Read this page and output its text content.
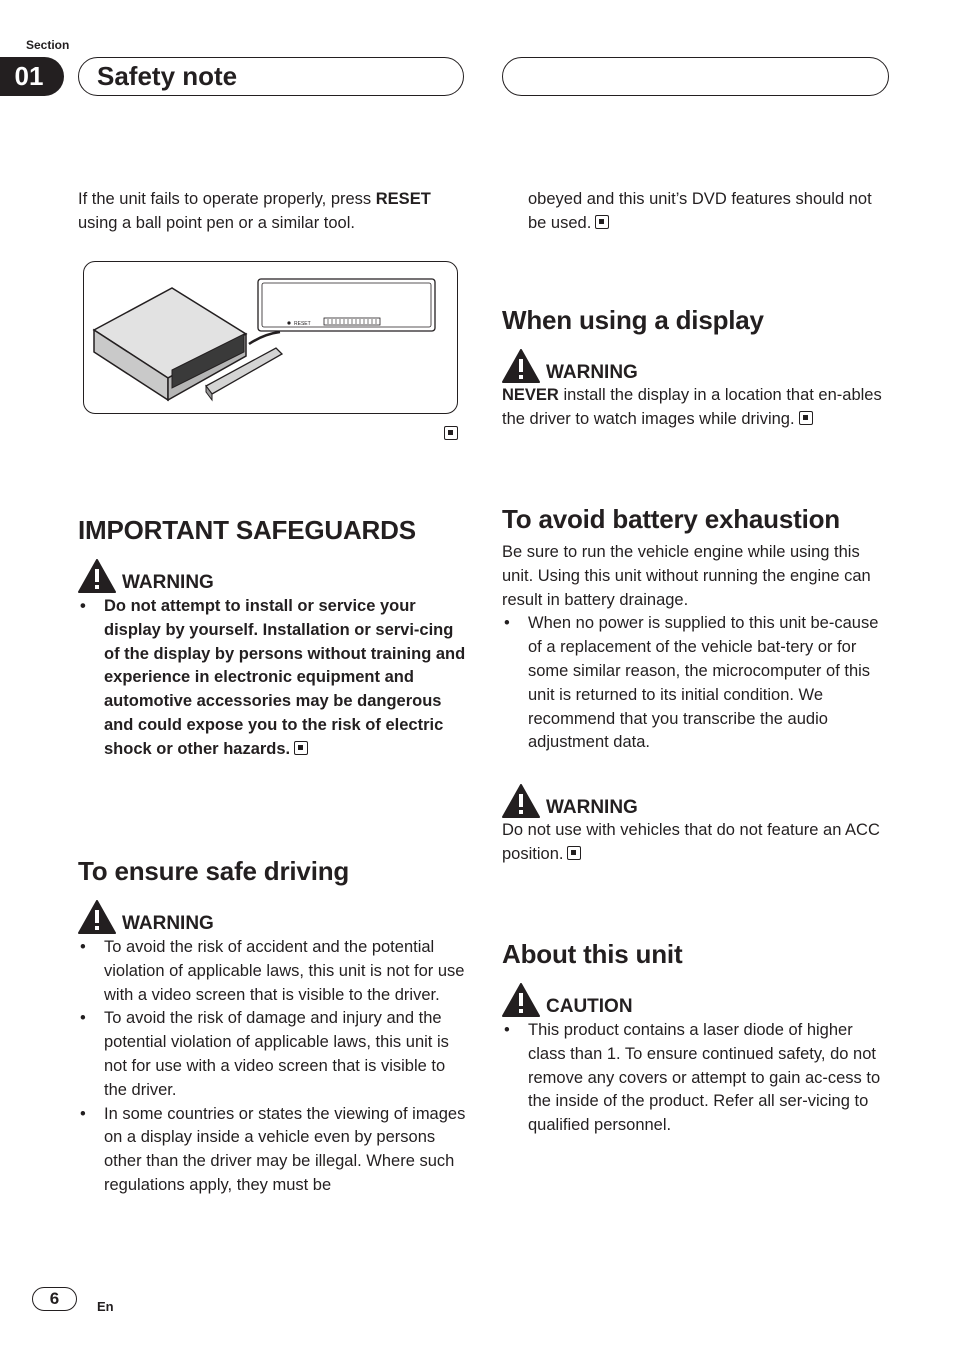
Section
01	Safety note

If the unit fails to operate properly, press RESET using a ball point pen or a similar tool.

RESET
IMPORTANT SAFEGUARDS
WARNING
• Do not attempt to install or service your display by yourself. Installation or servi-cing of the display by persons without training and experience in electronic equipment and automotive accessories may be dangerous and could expose you to the risk of electric shock or other hazards.
To ensure safe driving
WARNING
• To avoid the risk of accident and the potential violation of applicable laws, this unit is not for use with a video screen that is visible to the driver.
• To avoid the risk of damage and injury and the potential violation of applicable laws, this unit is not for use with a video screen that is visible to the driver.
• In some countries or states the viewing of images on a display inside a vehicle even by persons other than the driver may be illegal. Where such regulations apply, they must be

obeyed and this unit’s DVD features should not be used.

When using a display
WARNING

NEVER install the display in a location that en-ables the driver to watch images while driving.

To avoid battery exhaustion

Be sure to run the vehicle engine while using this unit. Using this unit without running the engine can result in battery drainage.

• When no power is supplied to this unit be-cause of a replacement of the vehicle bat-tery or for some similar reason, the microcomputer of this unit is returned to its initial condition. We recommend that you transcribe the audio adjustment data.
WARNING

Do not use with vehicles that do not feature an ACC position.

About this unit
CAUTION
• This product contains a laser diode of higher class than 1. To ensure continued safety, do not remove any covers or attempt to gain ac-cess to the inside of the product. Refer all ser-vicing to qualified personnel.
6	En
